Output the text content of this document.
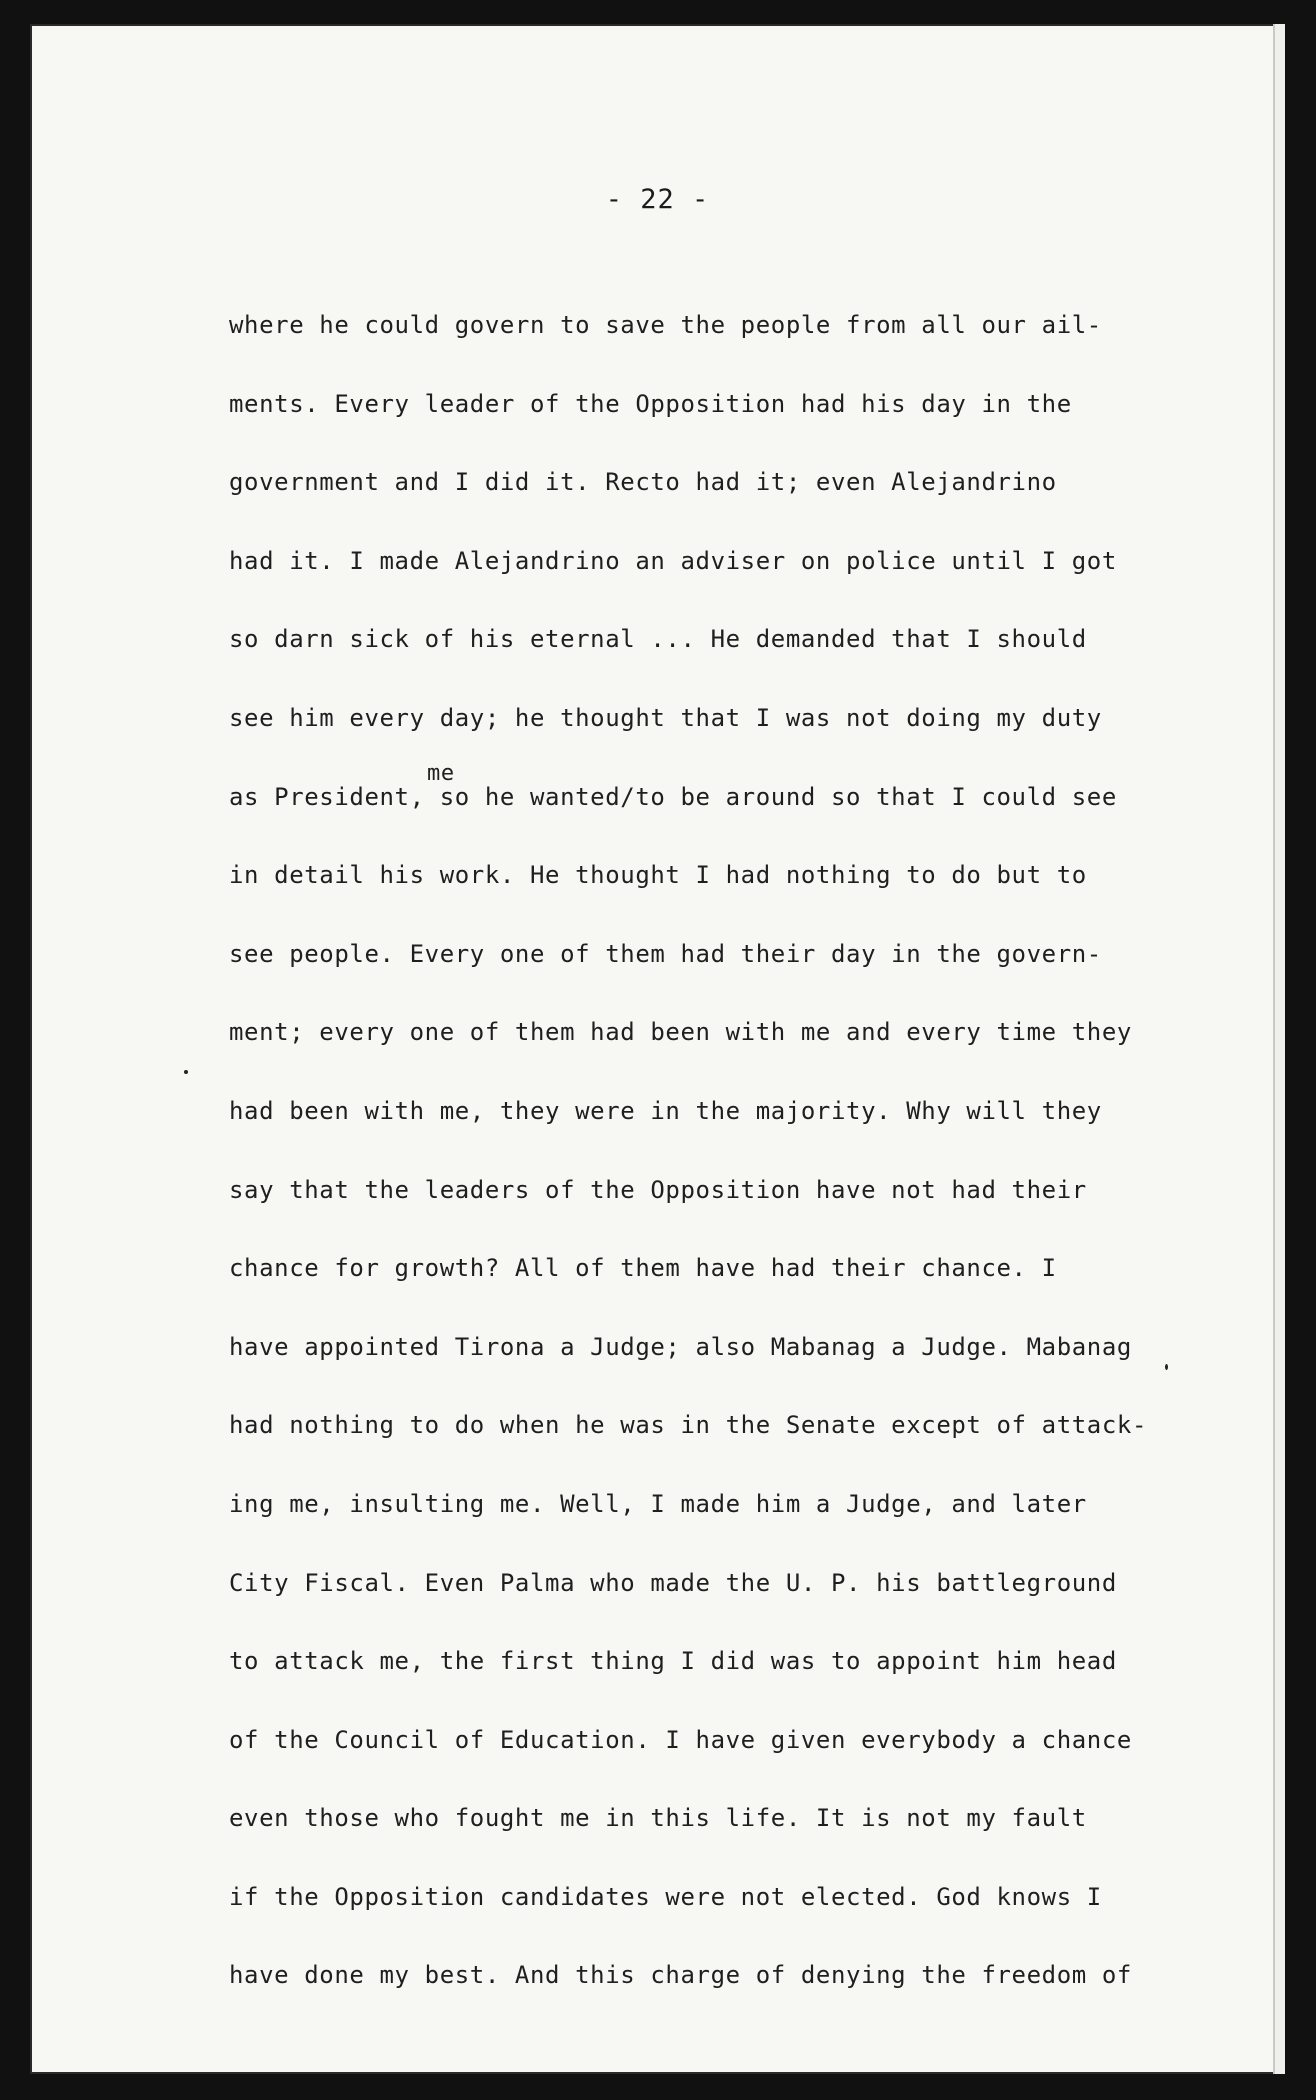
- 22 -
me
where he could govern to save the people from all our ail-
ments. Every leader of the Opposition had his day in the
government and I did it. Recto had it; even Alejandrino
had it. I made Alejandrino an adviser on police until I got
so darn sick of his eternal ... He demanded that I should
see him every day; he thought that I was not doing my duty
as President, so he wanted/to be around so that I could see
in detail his work. He thought I had nothing to do but to
see people. Every one of them had their day in the govern-
ment; every one of them had been with me and every time they
had been with me, they were in the majority. Why will they
say that the leaders of the Opposition have not had their
chance for growth? All of them have had their chance. I
have appointed Tirona a Judge; also Mabanag a Judge. Mabanag
had nothing to do when he was in the Senate except of attack-
ing me, insulting me. Well, I made him a Judge, and later
City Fiscal. Even Palma who made the U. P. his battleground
to attack me, the first thing I did was to appoint him head
of the Council of Education. I have given everybody a chance
even those who fought me in this life. It is not my fault
if the Opposition candidates were not elected. God knows I
have done my best. And this charge of denying the freedom of
